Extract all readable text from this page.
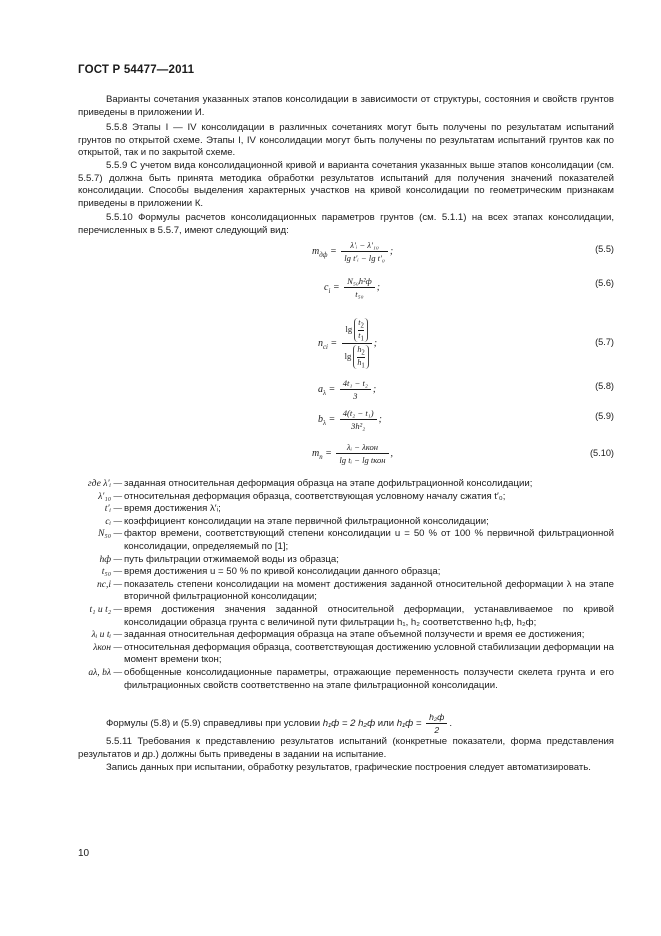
ГОСТ Р 54477—2011
Варианты сочетания указанных этапов консолидации в зависимости от структуры, состояния и свойств грунтов приведены в приложении И.
5.5.8 Этапы I — IV консолидации в различных сочетаниях могут быть получены по результатам испытаний грунтов по открытой схеме. Этапы I, IV консолидации могут быть получены по результатам испытаний грунтов как по открытой, так и по закрытой схеме.
5.5.9 С учетом вида консолидационной кривой и варианта сочетания указанных выше этапов консолидации (см. 5.5.7) должна быть принята методика обработки результатов испытаний для получения значений показателей консолидации. Способы выделения характерных участков на кривой консолидации по геометрическим признакам приведены в приложении К.
5.5.10 Формулы расчетов консолидационных параметров грунтов (см. 5.1.1) на всех этапах консолидации, перечисленных в 5.5.7, имеют следующий вид:
$m_{дф} = \frac{\text{λ′ᵢ − λ′₁₀}}{\text{lg t′ᵢ − lg t′₀}}$ ;	(5.5)
$c_i = \frac{\text{N₅₀h²ф}}{\text{t₅₀}}$ ;	(5.6)
$n_{сi} = \frac{\lg \frac{t_2}{t_1}}{\lg \frac{h_2}{h_1}}$ ;	(5.7)
$a_\lambda = \frac{\text{4t₁ − t₂}}{3}$ ;	(5.8)
$b_\lambda = \frac{\text{4(t₂ − t₁)}}{\text{3h²₂}}$ ;	(5.9)
$m_п = \frac{\text{λᵢ − λкон}}{\text{lg tᵢ − lg tкон}}$ ,	(5.10)
где λ′ᵢ — заданная относительная деформация образца на этапе дофильтрационной консолидации;
λ′₁₀ — относительная деформация образца, соответствующая условному началу сжатия t′₀;
t′ᵢ — время достижения λ′ᵢ;
cᵢ — коэффициент консолидации на этапе первичной фильтрационной консолидации;
N₅₀ — фактор времени, соответствующий степени консолидации u = 50 % от 100 % первичной фильтрационной консолидации, определяемый по [1];
hф — путь фильтрации отжимаемой воды из образца;
t₅₀ — время достижения u = 50 % по кривой консолидации данного образца;
nс,i — показатель степени консолидации на момент достижения заданной относительной деформации λ на этапе вторичной фильтрационной консолидации;
t₁ и t₂ — время достижения значения заданной относительной деформации, устанавливаемое по кривой консолидации образца грунта с величиной пути фильтрации h₁, h₂ соответственно h₁ф, h₂ф;
λᵢ и tᵢ — заданная относительная деформация образца на этапе объемной ползучести и время ее достижения;
λкон — относительная деформация образца, соответствующая достижению условной стабилизации деформации на момент времени tкон;
aλ, bλ — обобщенные консолидационные параметры, отражающие переменность ползучести скелета грунта и его фильтрационных свойств соответственно на этапе фильтрационной консолидации.
Формулы (5.8) и (5.9) справедливы при условии h₁ф = 2 h₂ф или $h_1ф = \frac{\text{h₂ф}}{2}$ .
5.5.11 Требования к представлению результатов испытаний (конкретные показатели, форма представления результатов и др.) должны быть приведены в задании на испытание.
Запись данных при испытании, обработку результатов, графические построения следует автоматизировать.
10
